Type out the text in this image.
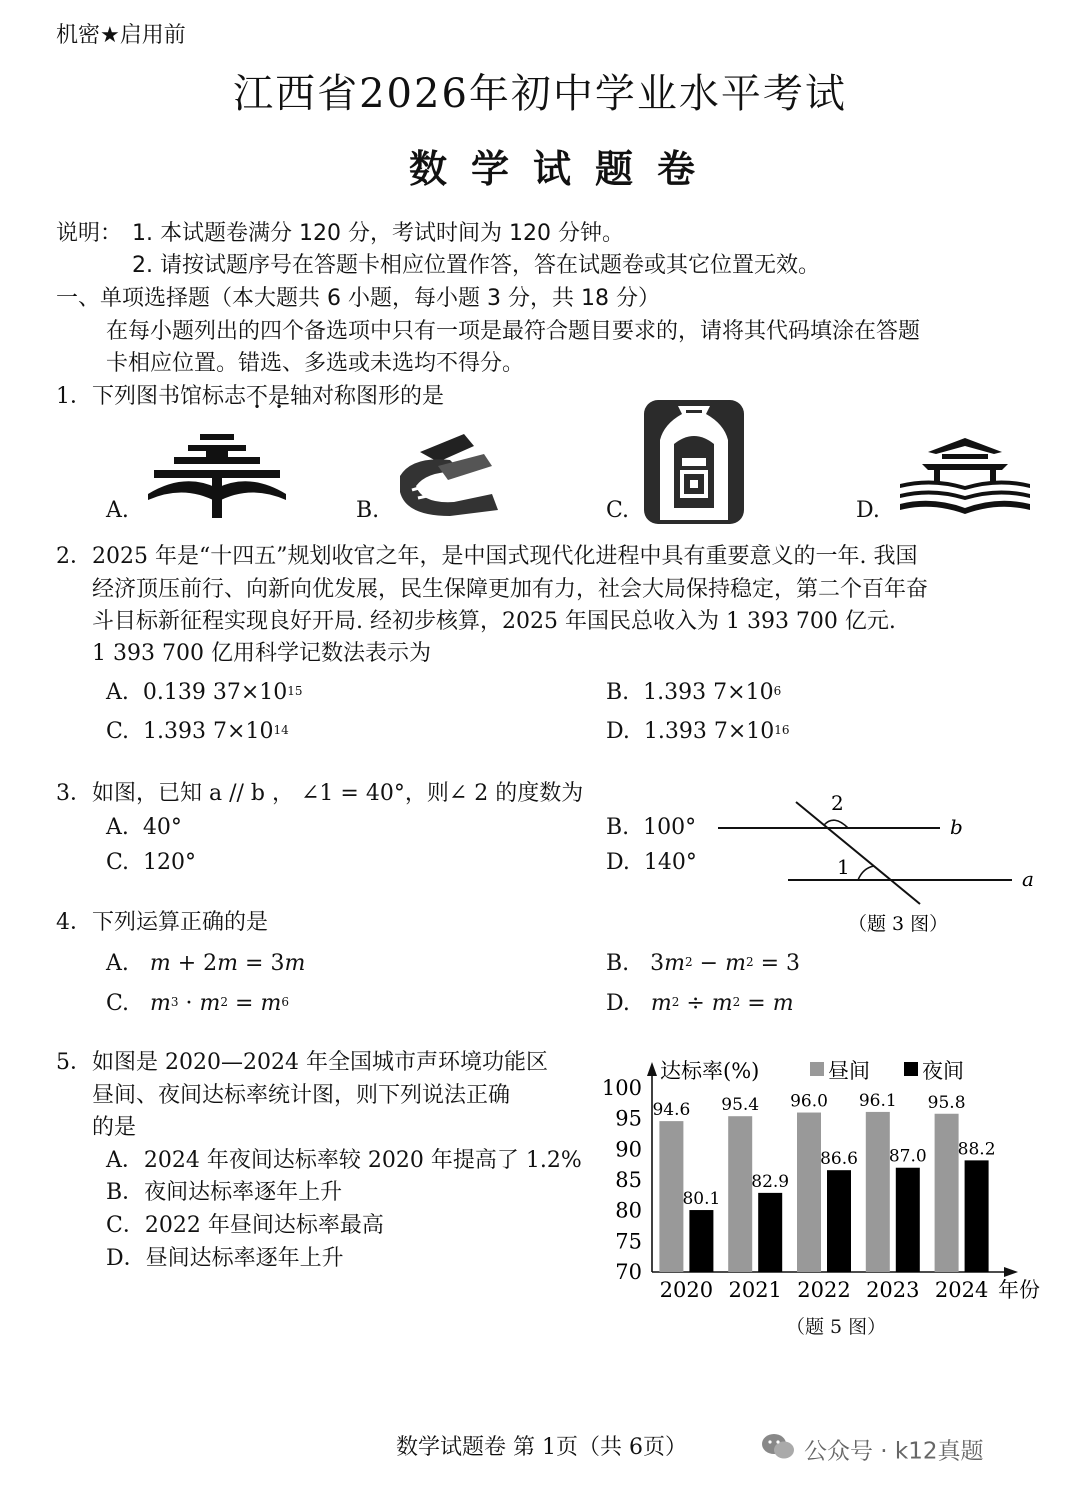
机密★启用前
江西省2026年初中学业水平考试
数学试题卷
说明： 1. 本试题卷满分 120 分，考试时间为 120 分钟。
2. 请按试题序号在答题卡相应位置作答，答在试题卷或其它位置无效。
一、单项选择题（本大题共 6 小题，每小题 3 分，共 18 分）
在每小题列出的四个备选项中只有一项是最符合题目要求的，请将其代码填涂在答题
卡相应位置。错选、多选或未选均不得分。
1． 下列图书馆标志不是轴对称图形的是
A.	B.	C.	D.
2． 2025 年是“十四五”规划收官之年，是中国式现代化进程中具有重要意义的一年. 我国
经济顶压前行、向新向优发展，民生保障更加有力，社会大局保持稳定，第二个百年奋
斗目标新征程实现良好开局. 经初步核算，2025 年国民总收入为 1 393 700 亿元.
1 393 700 亿用科学记数法表示为
A. 0.139 $37\times 10^{15}$	B. 1.393 $7\times 10^6$
C. 1.393 $7\times 10^{14}$	D. 1.393 $7\times 10^{16}$
3． 如图，已知 a // b ， ∠1 = 40°，则∠ 2 的度数为
A. 40°	B. 100°
C. 120°	D. 140°
2
1
b
a
（题 3 图）
4． 下列运算正确的是
A. m + 2m = 3m	B.   $3m^2 - m^2 = 3$
C. $m^3 \cdot m^2 = m^6$	D. $m^2 \div m^2 = m$
5． 如图是 2020—2024 年全国城市声环境功能区
昼间、夜间达标率统计图，则下列说法正确
的是
A．2024 年夜间达标率较 2020 年提高了 1.2%
B．夜间达标率逐年上升
C．2022 年昼间达标率最高
D．昼间达标率逐年上升
达标率(%)	昼间 夜间
年份
70
75
80
85
90
95
100
94.6
80.1
2020
95.4
82.9
2021
96.0
86.6
2022
96.1
87.0
2023
95.8
88.2
2024
（题 5 图）
数学试题卷 第 1页（共 6页）	公众号 · k12真题
